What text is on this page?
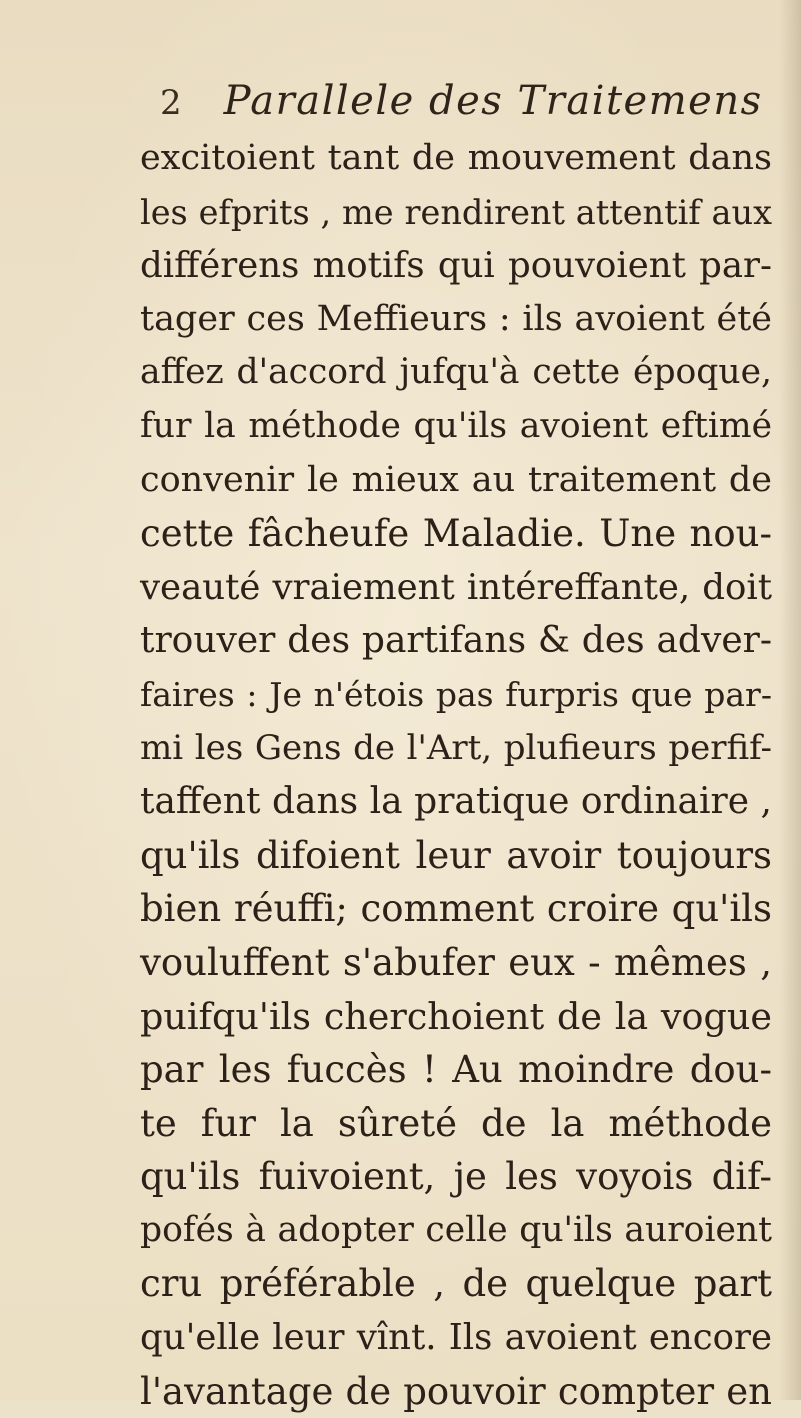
2 Parallele des Traitemens
excitoient tant de mouvement dans
les efprits , me rendirent attentif aux
différens motifs qui pouvoient par-
tager ces Meffieurs : ils avoient été
affez d'accord jufqu'à cette époque,
fur la méthode qu'ils avoient eftimé
convenir le mieux au traitement de
cette fâcheufe Maladie. Une nou-
veauté vraiement intéreffante, doit
trouver des partifans & des adver-
faires : Je n'étois pas furpris que par-
mi les Gens de l'Art, plufieurs perfif-
taffent dans la pratique ordinaire ,
qu'ils difoient leur avoir toujours
bien réuffi; comment croire qu'ils
vouluffent s'abufer eux - mêmes ,
puifqu'ils cherchoient de la vogue
par les fuccès ! Au moindre dou-
te fur la sûreté de la méthode
qu'ils fuivoient, je les voyois dif-
pofés à adopter celle qu'ils auroient
cru préférable , de quelque part
qu'elle leur vînt. Ils avoient encore
l'avantage de pouvoir compter en
